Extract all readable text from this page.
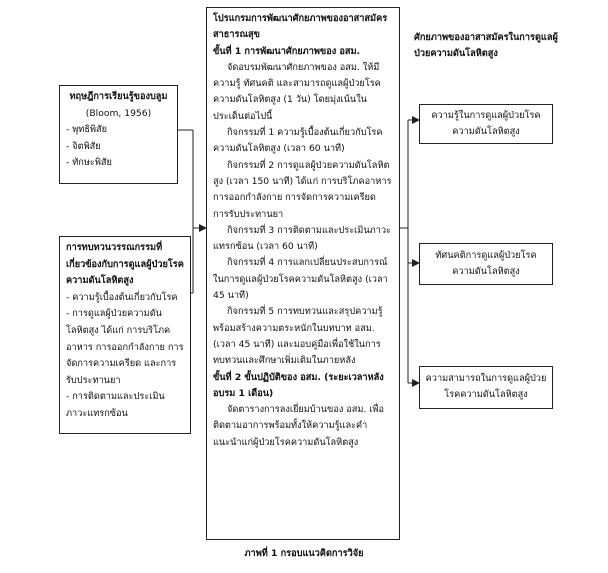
ทฤษฎีการเรียนรู้ของบลูม

(Bloom, 1956)

- พุทธิพิสัย
- จิตพิสัย
- ทักษะพิสัย

การทบทวนวรรณกรรมที่เกี่ยวข้องกับการดูแลผู้ป่วยโรคความดันโลหิตสูง

- ความรู้เบื้องต้นเกี่ยวกับโรค
- การดูแลผู้ป่วยความดันโลหิตสูง ได้แก่ การบริโภคอาหาร การออกกำลังกาย การจัดการความเครียด และการรับประทานยา
- การติดตามและประเมินภาวะแทรกซ้อน

โปรแกรมการพัฒนาศักยภาพของอาสาสมัครสาธารณสุข

ขั้นที่ 1 การพัฒนาศักยภาพของ อสม.

จัดอบรมพัฒนาศักยภาพของ อสม. ให้มีความรู้ ทัศนคติ และสามารถดูแลผู้ป่วยโรคความดันโลหิตสูง (1 วัน) โดยมุ่งเน้นในประเด็นต่อไปนี้

กิจกรรมที่ 1 ความรู้เบื้องต้นเกี่ยวกับโรคความดันโลหิตสูง (เวลา 60 นาที)

กิจกรรมที่ 2 การดูแลผู้ป่วยความดันโลหิตสูง (เวลา 150 นาที) ได้แก่ การบริโภคอาหาร การออกกำลังกาย การจัดการความเครียด การรับประทานยา

กิจกรรมที่ 3 การติดตามและประเมินภาวะแทรกซ้อน (เวลา 60 นาที)

กิจกรรมที่ 4 การแลกเปลี่ยนประสบการณ์ในการดูแลผู้ป่วยโรคความดันโลหิตสูง (เวลา 45 นาที)

กิจกรรมที่ 5 การทบทวนและสรุปความรู้พร้อมสร้างความตระหนักในบทบาท อสม. (เวลา 45 นาที) และมอบคู่มือเพื่อใช้ในการทบทวนและศึกษาเพิ่มเติมในภายหลัง

ขั้นที่ 2 ขั้นปฏิบัติของ อสม. (ระยะเวลาหลังอบรม 1 เดือน)

จัดตารางการลงเยี่ยมบ้านของ อสม. เพื่อติดตามอาการพร้อมทั้งให้ความรู้และคำแนะนำแก่ผู้ป่วยโรคความดันโลหิตสูง

ศักยภาพของอาสาสมัครในการดูแลผู้ป่วยความดันโลหิตสูง
ความรู้ในการดูแลผู้ป่วยโรคความดันโลหิตสูง
ทัศนคติการดูแลผู้ป่วยโรคความดันโลหิตสูง
ความสามารถในการดูแลผู้ป่วยโรคความดันโลหิตสูง
ภาพที่ 1 กรอบแนวคิดการวิจัย
